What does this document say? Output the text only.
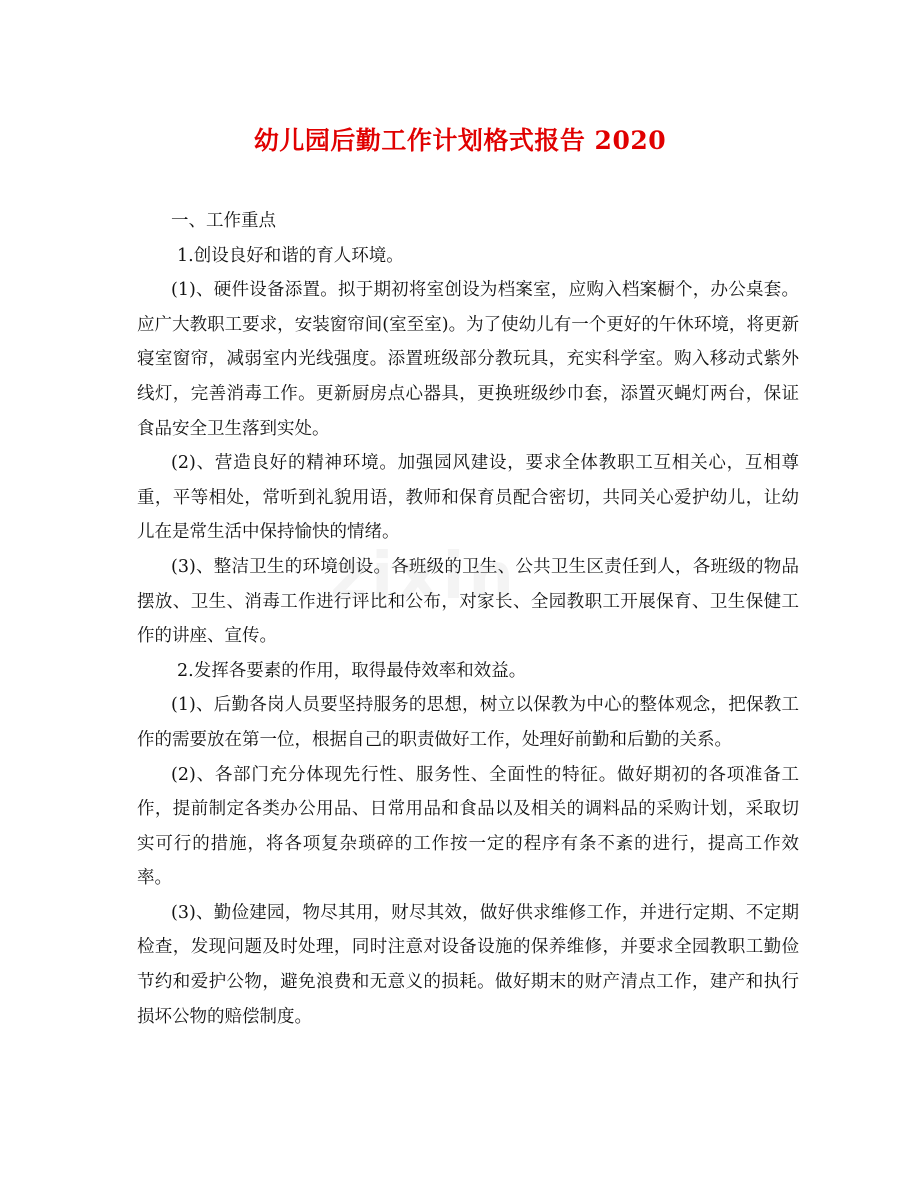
幼儿园后勤工作计划格式报告 2020
zixin

一、工作重点

1.创设良好和谐的育人环境。

(1)、硬件设备添置。拟于期初将室创设为档案室，应购入档案橱个，办公桌套。应广大教职工要求，安装窗帘间(室至室)。为了使幼儿有一个更好的午休环境，将更新寝室窗帘，减弱室内光线强度。添置班级部分教玩具，充实科学室。购入移动式紫外线灯，完善消毒工作。更新厨房点心器具，更换班级纱巾套，添置灭蝇灯两台，保证食品安全卫生落到实处。

(2)、营造良好的精神环境。加强园风建设，要求全体教职工互相关心，互相尊重，平等相处，常听到礼貌用语，教师和保育员配合密切，共同关心爱护幼儿，让幼儿在是常生活中保持愉快的情绪。

(3)、整洁卫生的环境创设。各班级的卫生、公共卫生区责任到人，各班级的物品摆放、卫生、消毒工作进行评比和公布，对家长、全园教职工开展保育、卫生保健工作的讲座、宣传。

2.发挥各要素的作用，取得最侍效率和效益。

(1)、后勤各岗人员要坚持服务的思想，树立以保教为中心的整体观念，把保教工作的需要放在第一位，根据自己的职责做好工作，处理好前勤和后勤的关系。

(2)、各部门充分体现先行性、服务性、全面性的特征。做好期初的各项准备工作，提前制定各类办公用品、日常用品和食品以及相关的调料品的采购计划，采取切实可行的措施，将各项复杂琐碎的工作按一定的程序有条不紊的进行，提高工作效率。

(3)、勤俭建园，物尽其用，财尽其效，做好供求维修工作，并进行定期、不定期检查，发现问题及时处理，同时注意对设备设施的保养维修，并要求全园教职工勤俭节约和爱护公物，避免浪费和无意义的损耗。做好期末的财产清点工作，建产和执行损坏公物的赔偿制度。
